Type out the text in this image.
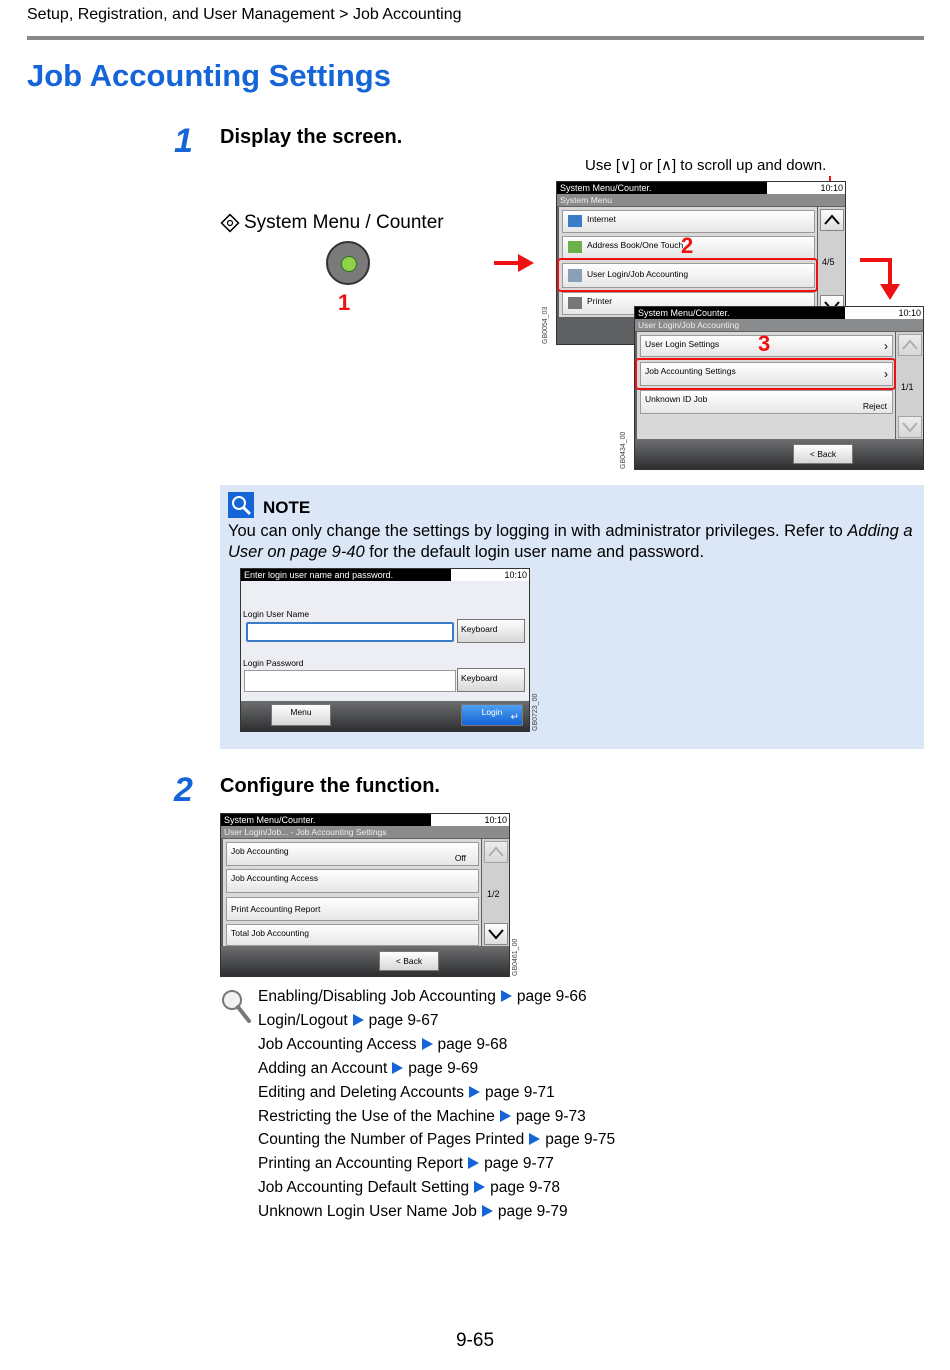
Setup, Registration, and User Management > Job Accounting
Job Accounting Settings
1 Display the screen.
Use [∨] or [∧] to scroll up and down.
System Menu / Counter
1
System Menu/Counter.	10:10
System Menu
Internet
Address Book/One Touch
User Login/Job Accounting
Printer
4/5
2
GB0054_03	System Menu/Counter.	10:10
User Login/Job Accounting
User Login Settings	›
Job Accounting Settings	›
Unknown ID Job
Reject
1/1
< Back
3
GB0434_00
NOTE
You can only change the settings by logging in with administrator privileges. Refer to Adding a User on page 9-40 for the default login user name and password.
Enter login user name and password.	10:10
Login User Name
Keyboard
Login Password
Keyboard
Menu	Login ↵ GB0723_00
2 Configure the function.
System Menu/Counter.	10:10
User Login/Job... - Job Accounting Settings
Job Accounting
Off
Job Accounting Access
Print Accounting Report
Total Job Accounting
1/2
< Back	GB0461_00
Enabling/Disabling Job Accounting page 9-66
Login/Logout page 9-67
Job Accounting Access page 9-68
Adding an Account page 9-69
Editing and Deleting Accounts page 9-71
Restricting the Use of the Machine page 9-73
Counting the Number of Pages Printed page 9-75
Printing an Accounting Report page 9-77
Job Accounting Default Setting page 9-78
Unknown Login User Name Job page 9-79
9-65
